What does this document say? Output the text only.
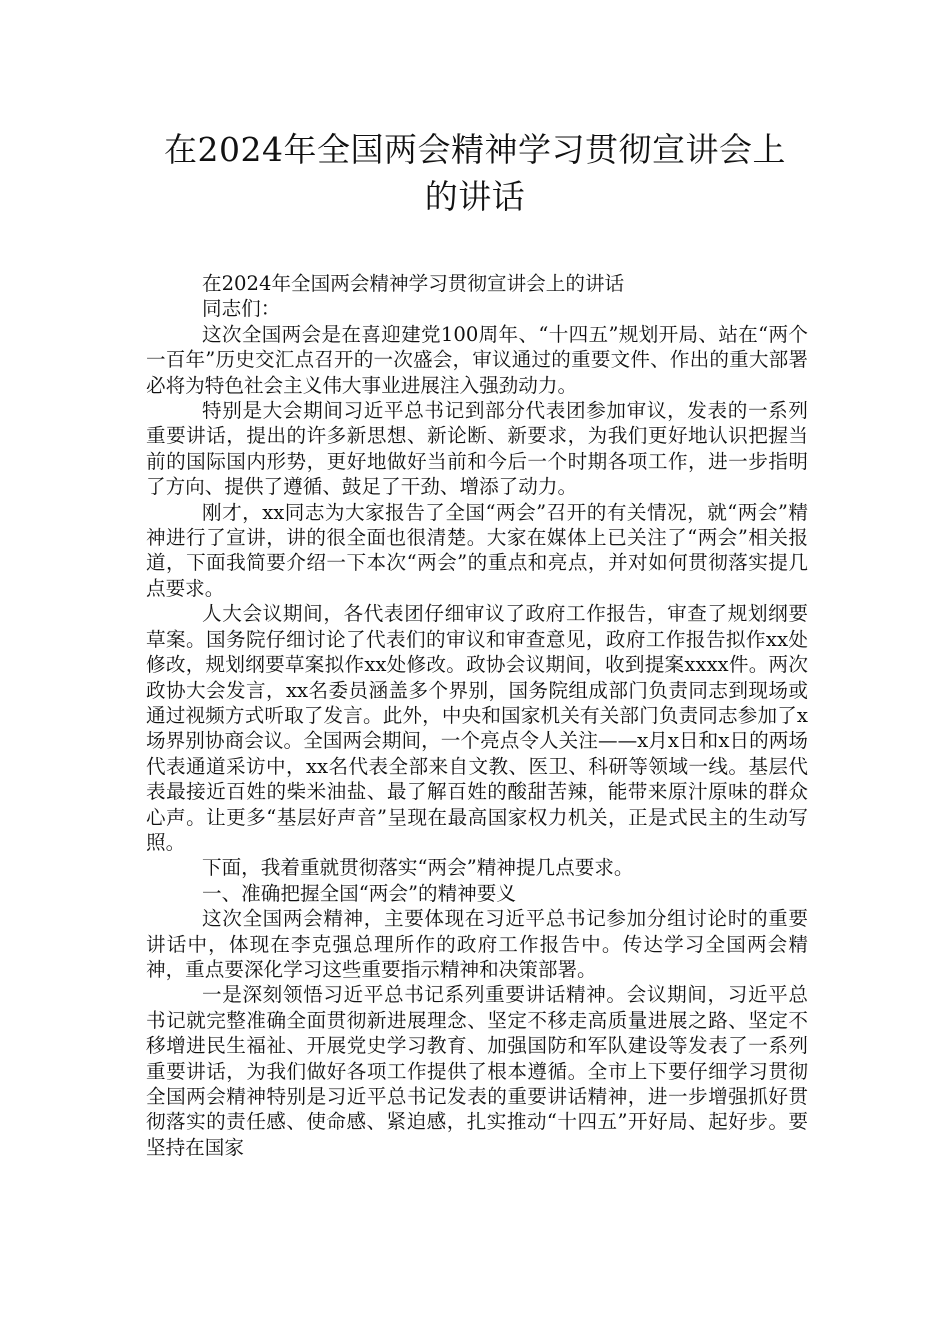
在2024年全国两会精神学习贯彻宣讲会上
的讲话

在2024年全国两会精神学习贯彻宣讲会上的讲话

同志们：

这次全国两会是在喜迎建党100周年、“十四五”规划开局、站在“两个一百年”历史交汇点召开的一次盛会，审议通过的重要文件、作出的重大部署必将为特色社会主义伟大事业进展注入强劲动力。

特别是大会期间习近平总书记到部分代表团参加审议，发表的一系列重要讲话，提出的许多新思想、新论断、新要求，为我们更好地认识把握当前的国际国内形势，更好地做好当前和今后一个时期各项工作，进一步指明了方向、提供了遵循、鼓足了干劲、增添了动力。

刚才，xx同志为大家报告了全国“两会”召开的有关情况，就“两会”精神进行了宣讲，讲的很全面也很清楚。大家在媒体上已关注了“两会”相关报道，下面我简要介绍一下本次“两会”的重点和亮点，并对如何贯彻落实提几点要求。

人大会议期间，各代表团仔细审议了政府工作报告，审查了规划纲要草案。国务院仔细讨论了代表们的审议和审查意见，政府工作报告拟作xx处修改，规划纲要草案拟作xx处修改。政协会议期间，收到提案xxxx件。两次政协大会发言，xx名委员涵盖多个界别，国务院组成部门负责同志到现场或通过视频方式听取了发言。此外，中央和国家机关有关部门负责同志参加了x场界别协商会议。全国两会期间，一个亮点令人关注——x月x日和x日的两场代表通道采访中，xx名代表全部来自文教、医卫、科研等领域一线。基层代表最接近百姓的柴米油盐、最了解百姓的酸甜苦辣，能带来原汁原味的群众心声。让更多“基层好声音”呈现在最高国家权力机关，正是式民主的生动写照。

下面，我着重就贯彻落实“两会”精神提几点要求。

一、准确把握全国“两会”的精神要义

这次全国两会精神，主要体现在习近平总书记参加分组讨论时的重要讲话中，体现在李克强总理所作的政府工作报告中。传达学习全国两会精神，重点要深化学习这些重要指示精神和决策部署。

一是深刻领悟习近平总书记系列重要讲话精神。会议期间，习近平总书记就完整准确全面贯彻新进展理念、坚定不移走高质量进展之路、坚定不移增进民生福祉、开展党史学习教育、加强国防和军队建设等发表了一系列重要讲话，为我们做好各项工作提供了根本遵循。全市上下要仔细学习贯彻全国两会精神特别是习近平总书记发表的重要讲话精神，进一步增强抓好贯彻落实的责任感、使命感、紧迫感，扎实推动“十四五”开好局、起好步。要坚持在国家
